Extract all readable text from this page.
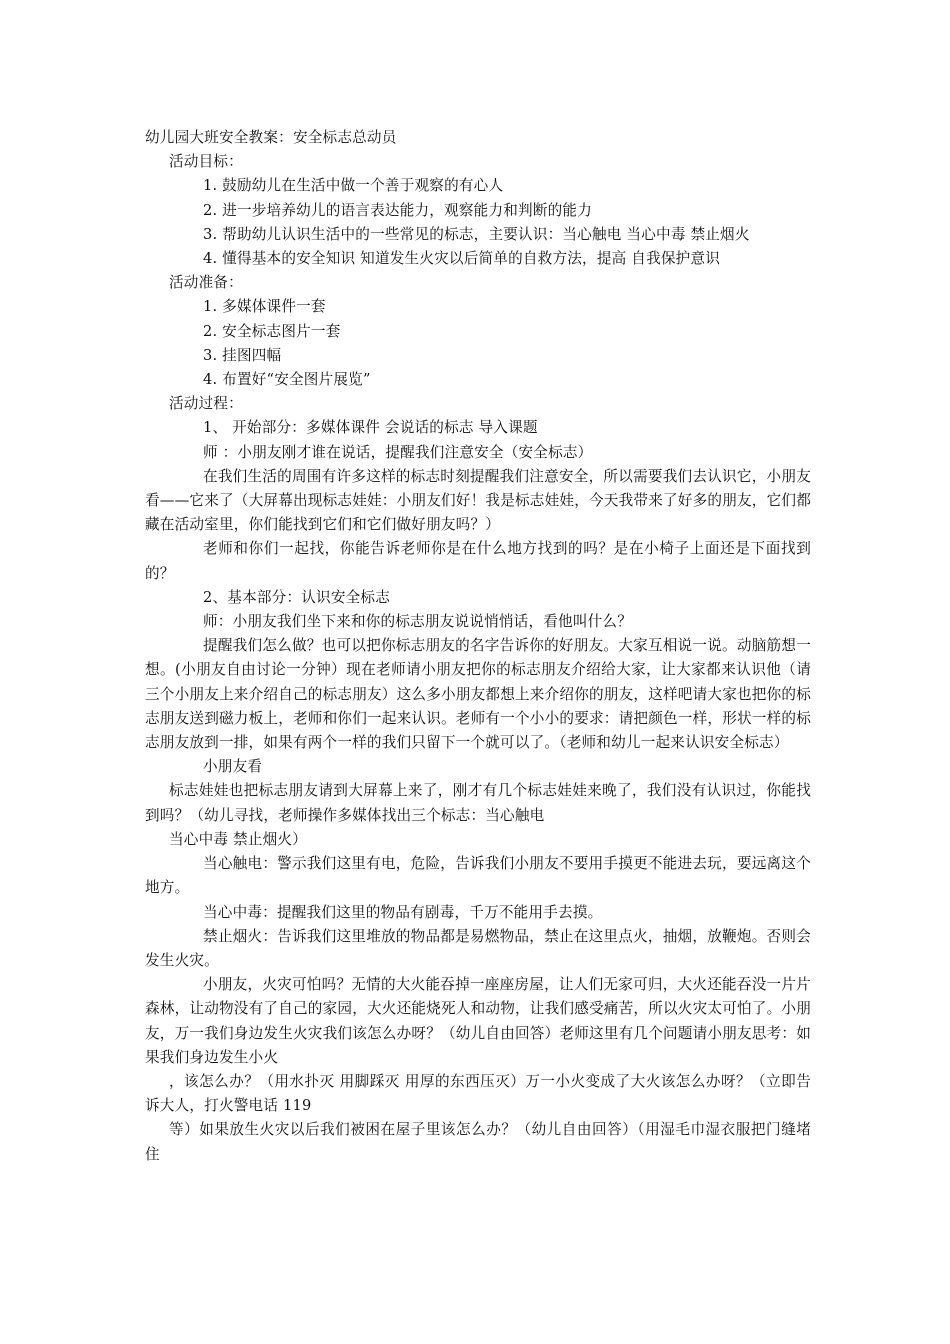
幼儿园大班安全教案：安全标志总动员

活动目标：

1. 鼓励幼儿在生活中做一个善于观察的有心人

2. 进一步培养幼儿的语言表达能力，观察能力和判断的能力

3. 帮助幼儿认识生活中的一些常见的标志，主要认识：当心触电 当心中毒 禁止烟火

4. 懂得基本的安全知识 知道发生火灾以后简单的自救方法，提高 自我保护意识

活动准备：

1. 多媒体课件一套

2. 安全标志图片一套

3. 挂图四幅

4. 布置好“安全图片展览”

活动过程：

1、 开始部分：多媒体课件 会说话的标志 导入课题

师 ：小朋友刚才谁在说话，提醒我们注意安全（安全标志）

在我们生活的周围有许多这样的标志时刻提醒我们注意安全，所以需要我们去认识它，小朋友看——它来了（大屏幕出现标志娃娃：小朋友们好！我是标志娃娃，今天我带来了好多的朋友，它们都藏在活动室里，你们能找到它们和它们做好朋友吗？）

老师和你们一起找，你能告诉老师你是在什么地方找到的吗？是在小椅子上面还是下面找到的？

2、基本部分：认识安全标志

师：小朋友我们坐下来和你的标志朋友说说悄悄话，看他叫什么？

提醒我们怎么做？也可以把你标志朋友的名字告诉你的好朋友。大家互相说一说。动脑筋想一想。(小朋友自由讨论一分钟）现在老师请小朋友把你的标志朋友介绍给大家，让大家都来认识他（请三个小朋友上来介绍自己的标志朋友）这么多小朋友都想上来介绍你的朋友，这样吧请大家也把你的标志朋友送到磁力板上，老师和你们一起来认识。老师有一个小小的要求：请把颜色一样，形状一样的标志朋友放到一排，如果有两个一样的我们只留下一个就可以了。（老师和幼儿一起来认识安全标志）

小朋友看

标志娃娃也把标志朋友请到大屏幕上来了，刚才有几个标志娃娃来晚了，我们没有认识过，你能找到吗？（幼儿寻找，老师操作多媒体找出三个标志：当心触电

当心中毒 禁止烟火）

当心触电：警示我们这里有电，危险，告诉我们小朋友不要用手摸更不能进去玩，要远离这个地方。

当心中毒：提醒我们这里的物品有剧毒，千万不能用手去摸。

禁止烟火：告诉我们这里堆放的物品都是易燃物品，禁止在这里点火，抽烟，放鞭炮。否则会发生火灾。

小朋友，火灾可怕吗？无情的大火能吞掉一座座房屋，让人们无家可归，大火还能吞没一片片森林，让动物没有了自己的家园，大火还能烧死人和动物，让我们感受痛苦，所以火灾太可怕了。小朋友，万一我们身边发生火灾我们该怎么办呀？（幼儿自由回答）老师这里有几个问题请小朋友思考：如果我们身边发生小火

，该怎么办？（用水扑灭 用脚踩灭 用厚的东西压灭）万一小火变成了大火该怎么办呀？（立即告诉大人，打火警电话 119

等）如果放生火灾以后我们被困在屋子里该怎么办？（幼儿自由回答）（用湿毛巾湿衣服把门缝堵住
